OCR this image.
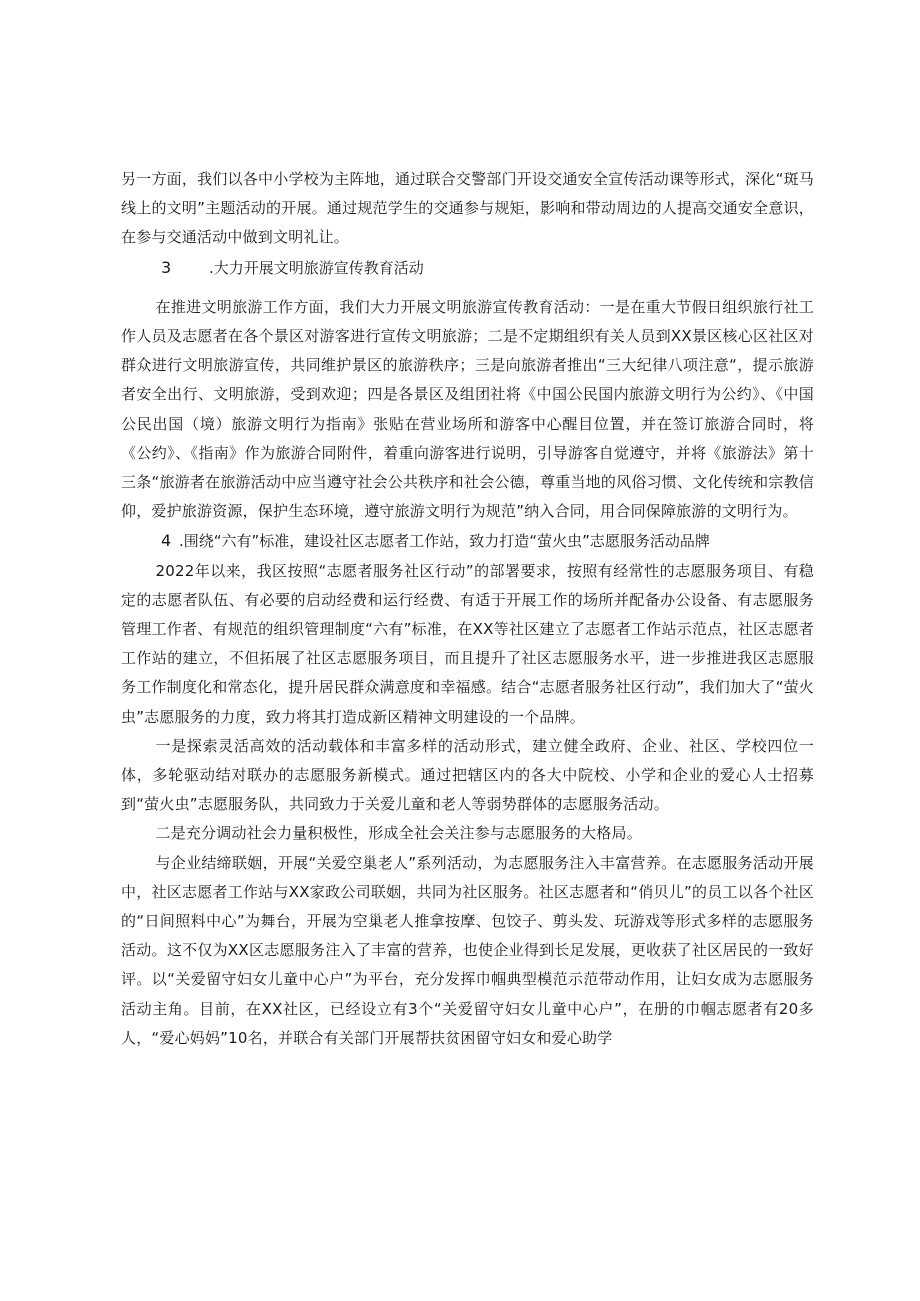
另一方面，我们以各中小学校为主阵地，通过联合交警部门开设交通安全宣传活动课等形式，深化“斑马线上的文明”主题活动的开展。通过规范学生的交通参与规矩，影响和带动周边的人提高交通安全意识，在参与交通活动中做到文明礼让。

3	.大力开展文明旅游宣传教育活动

在推进文明旅游工作方面，我们大力开展文明旅游宣传教育活动：一是在重大节假日组织旅行社工作人员及志愿者在各个景区对游客进行宣传文明旅游；二是不定期组织有关人员到XX景区核心区社区对群众进行文明旅游宣传，共同维护景区的旅游秩序；三是向旅游者推出“三大纪律八项注意“，提示旅游者安全出行、文明旅游，受到欢迎；四是各景区及组团社将《中国公民国内旅游文明行为公约》、《中国公民出国（境）旅游文明行为指南》张贴在营业场所和游客中心醒目位置，并在签订旅游合同时，将《公约》、《指南》作为旅游合同附件，着重向游客进行说明，引导游客自觉遵守，并将《旅游法》第十三条“旅游者在旅游活动中应当遵守社会公共秩序和社会公德，尊重当地的风俗习惯、文化传统和宗教信仰，爱护旅游资源，保护生态环境，遵守旅游文明行为规范”纳入合同，用合同保障旅游的文明行为。

4 .围绕“六有”标准，建设社区志愿者工作站，致力打造“萤火虫”志愿服务活动品牌

2022年以来，我区按照“志愿者服务社区行动”的部署要求，按照有经常性的志愿服务项目、有稳定的志愿者队伍、有必要的启动经费和运行经费、有适于开展工作的场所并配备办公设备、有志愿服务管理工作者、有规范的组织管理制度“六有”标准，在XX等社区建立了志愿者工作站示范点，社区志愿者工作站的建立，不但拓展了社区志愿服务项目，而且提升了社区志愿服务水平，进一步推进我区志愿服务工作制度化和常态化，提升居民群众满意度和幸福感。结合“志愿者服务社区行动”，我们加大了“萤火虫”志愿服务的力度，致力将其打造成新区精神文明建设的一个品牌。

一是探索灵活高效的活动载体和丰富多样的活动形式，建立健全政府、企业、社区、学校四位一体，多轮驱动结对联办的志愿服务新模式。通过把辖区内的各大中院校、小学和企业的爱心人士招募到“萤火虫”志愿服务队，共同致力于关爱儿童和老人等弱势群体的志愿服务活动。

二是充分调动社会力量积极性，形成全社会关注参与志愿服务的大格局。

与企业结缔联姻，开展“关爱空巢老人”系列活动，为志愿服务注入丰富营养。在志愿服务活动开展中，社区志愿者工作站与XX家政公司联姻，共同为社区服务。社区志愿者和“俏贝儿”的员工以各个社区的“日间照料中心”为舞台，开展为空巢老人推拿按摩、包饺子、剪头发、玩游戏等形式多样的志愿服务活动。这不仅为XX区志愿服务注入了丰富的营养，也使企业得到长足发展，更收获了社区居民的一致好评。以“关爱留守妇女儿童中心户”为平台，充分发挥巾帼典型模范示范带动作用，让妇女成为志愿服务活动主角。目前，在XX社区，已经设立有3个“关爱留守妇女儿童中心户”，在册的巾帼志愿者有20多人，“爱心妈妈”10名，并联合有关部门开展帮扶贫困留守妇女和爱心助学
